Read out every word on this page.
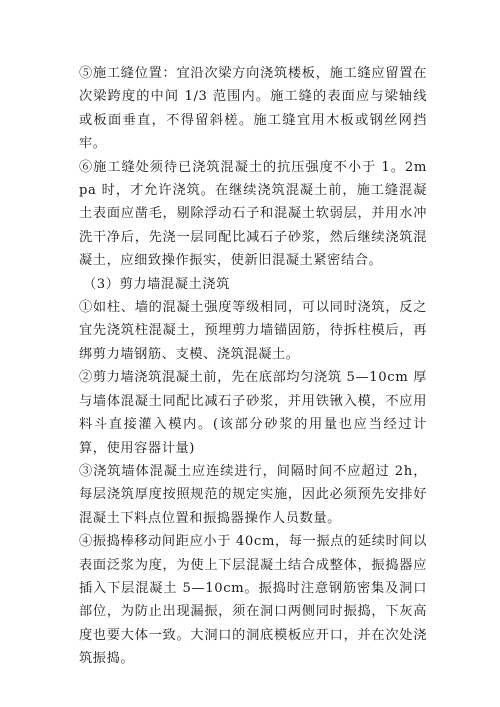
⑤施工缝位置：宜沿次梁方向浇筑楼板，施工缝应留置在次梁跨度的中间 1/3 范围内。施工缝的表面应与梁轴线或板面垂直，不得留斜槎。施工缝宜用木板或钢丝网挡牢。

⑥施工缝处须待已浇筑混凝土的抗压强度不小于 1。2mpa 时，才允许浇筑。在继续浇筑混凝土前，施工缝混凝土表面应凿毛，剔除浮动石子和混凝土软弱层，并用水冲洗干净后，先浇一层同配比减石子砂浆，然后继续浇筑混凝土，应细致操作振实，使新旧混凝土紧密结合。

（3）剪力墙混凝土浇筑

①如柱、墙的混凝土强度等级相同，可以同时浇筑，反之宜先浇筑柱混凝土，预埋剪力墙锚固筋，待拆柱模后，再绑剪力墙钢筋、支模、浇筑混凝土。

②剪力墙浇筑混凝土前，先在底部均匀浇筑 5—10cm 厚与墙体混凝土同配比减石子砂浆，并用铁锹入模，不应用料斗直接灌入模内。(该部分砂浆的用量也应当经过计算，使用容器计量)

③浇筑墙体混凝土应连续进行，间隔时间不应超过 2h，每层浇筑厚度按照规范的规定实施，因此必须预先安排好混凝土下料点位置和振捣器操作人员数量。

④振捣棒移动间距应小于 40cm，每一振点的延续时间以表面泛浆为度，为使上下层混凝土结合成整体，振捣器应插入下层混凝土 5—10cm。振捣时注意钢筋密集及洞口部位，为防止出现漏振，须在洞口两侧同时振捣，下灰高度也要大体一致。大洞口的洞底模板应开口，并在次处浇筑振捣。
